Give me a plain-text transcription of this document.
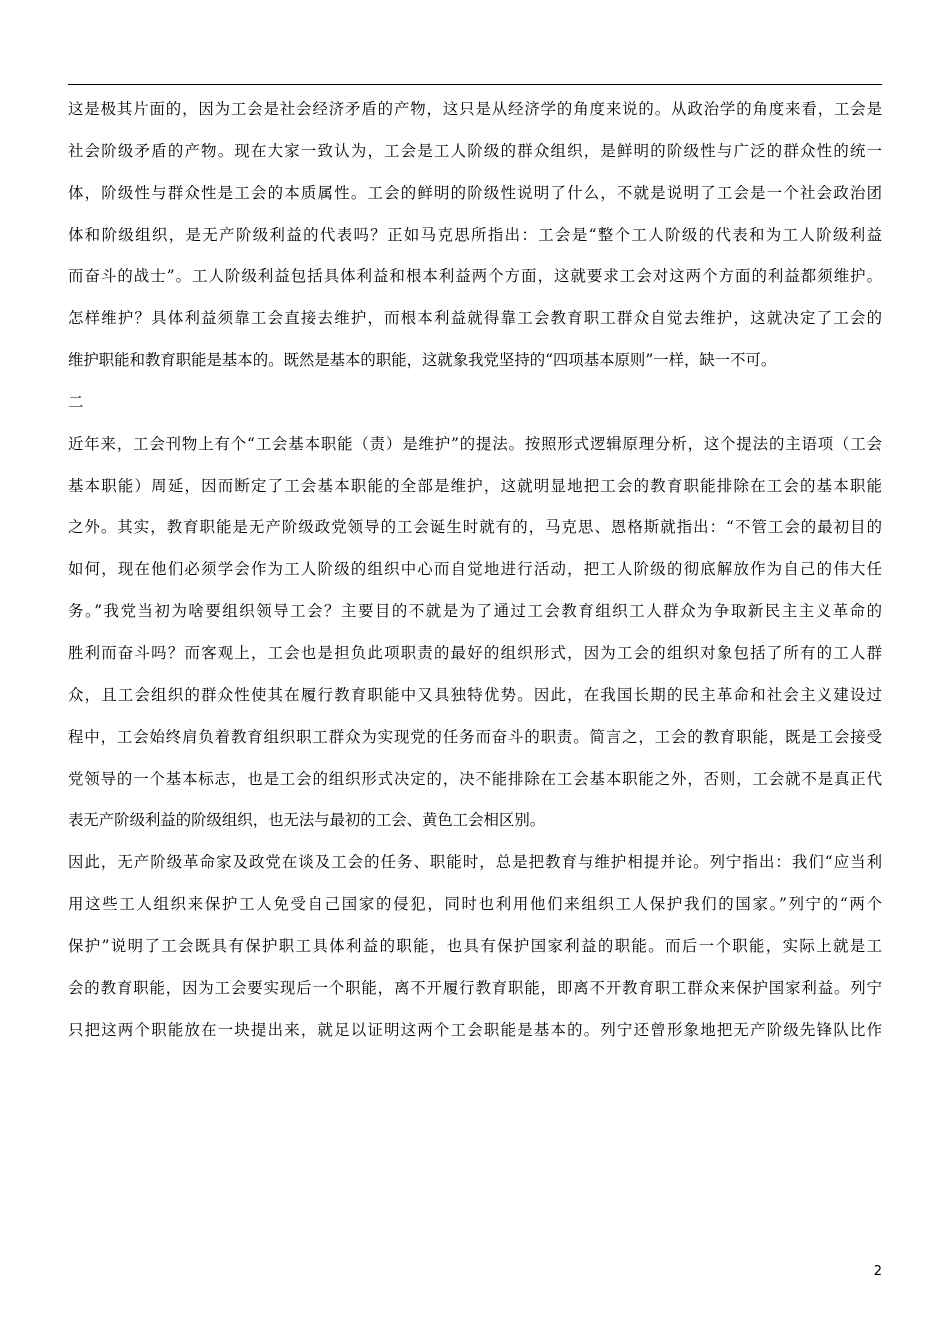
这是极其片面的，因为工会是社会经济矛盾的产物，这只是从经济学的角度来说的。从政治学的角度来看，工会是
社会阶级矛盾的产物。现在大家一致认为，工会是工人阶级的群众组织，是鲜明的阶级性与广泛的群众性的统一
体，阶级性与群众性是工会的本质属性。工会的鲜明的阶级性说明了什么，不就是说明了工会是一个社会政治团
体和阶级组织，是无产阶级利益的代表吗？正如马克思所指出：工会是“整个工人阶级的代表和为工人阶级利益
而奋斗的战士”。工人阶级利益包括具体利益和根本利益两个方面，这就要求工会对这两个方面的利益都须维护。
怎样维护？具体利益须靠工会直接去维护，而根本利益就得靠工会教育职工群众自觉去维护，这就决定了工会的
维护职能和教育职能是基本的。既然是基本的职能，这就象我党坚持的“四项基本原则”一样，缺一不可。
二
近年来，工会刊物上有个“工会基本职能（责）是维护”的提法。按照形式逻辑原理分析，这个提法的主语项（工会
基本职能）周延，因而断定了工会基本职能的全部是维护，这就明显地把工会的教育职能排除在工会的基本职能
之外。其实，教育职能是无产阶级政党领导的工会诞生时就有的，马克思、恩格斯就指出：“不管工会的最初目的
如何，现在他们必须学会作为工人阶级的组织中心而自觉地进行活动，把工人阶级的彻底解放作为自己的伟大任
务。”我党当初为啥要组织领导工会？主要目的不就是为了通过工会教育组织工人群众为争取新民主主义革命的
胜利而奋斗吗？而客观上，工会也是担负此项职责的最好的组织形式，因为工会的组织对象包括了所有的工人群
众，且工会组织的群众性使其在履行教育职能中又具独特优势。因此，在我国长期的民主革命和社会主义建设过
程中，工会始终肩负着教育组织职工群众为实现党的任务而奋斗的职责。简言之，工会的教育职能，既是工会接受
党领导的一个基本标志，也是工会的组织形式决定的，决不能排除在工会基本职能之外，否则，工会就不是真正代
表无产阶级利益的阶级组织，也无法与最初的工会、黄色工会相区别。
因此，无产阶级革命家及政党在谈及工会的任务、职能时，总是把教育与维护相提并论。列宁指出：我们“应当利
用这些工人组织来保护工人免受自己国家的侵犯，同时也利用他们来组织工人保护我们的国家。”列宁的“两个
保护”说明了工会既具有保护职工具体利益的职能，也具有保护国家利益的职能。而后一个职能，实际上就是工
会的教育职能，因为工会要实现后一个职能，离不开履行教育职能，即离不开教育职工群众来保护国家利益。列宁
只把这两个职能放在一块提出来，就足以证明这两个工会职能是基本的。列宁还曾形象地把无产阶级先锋队比作
2
